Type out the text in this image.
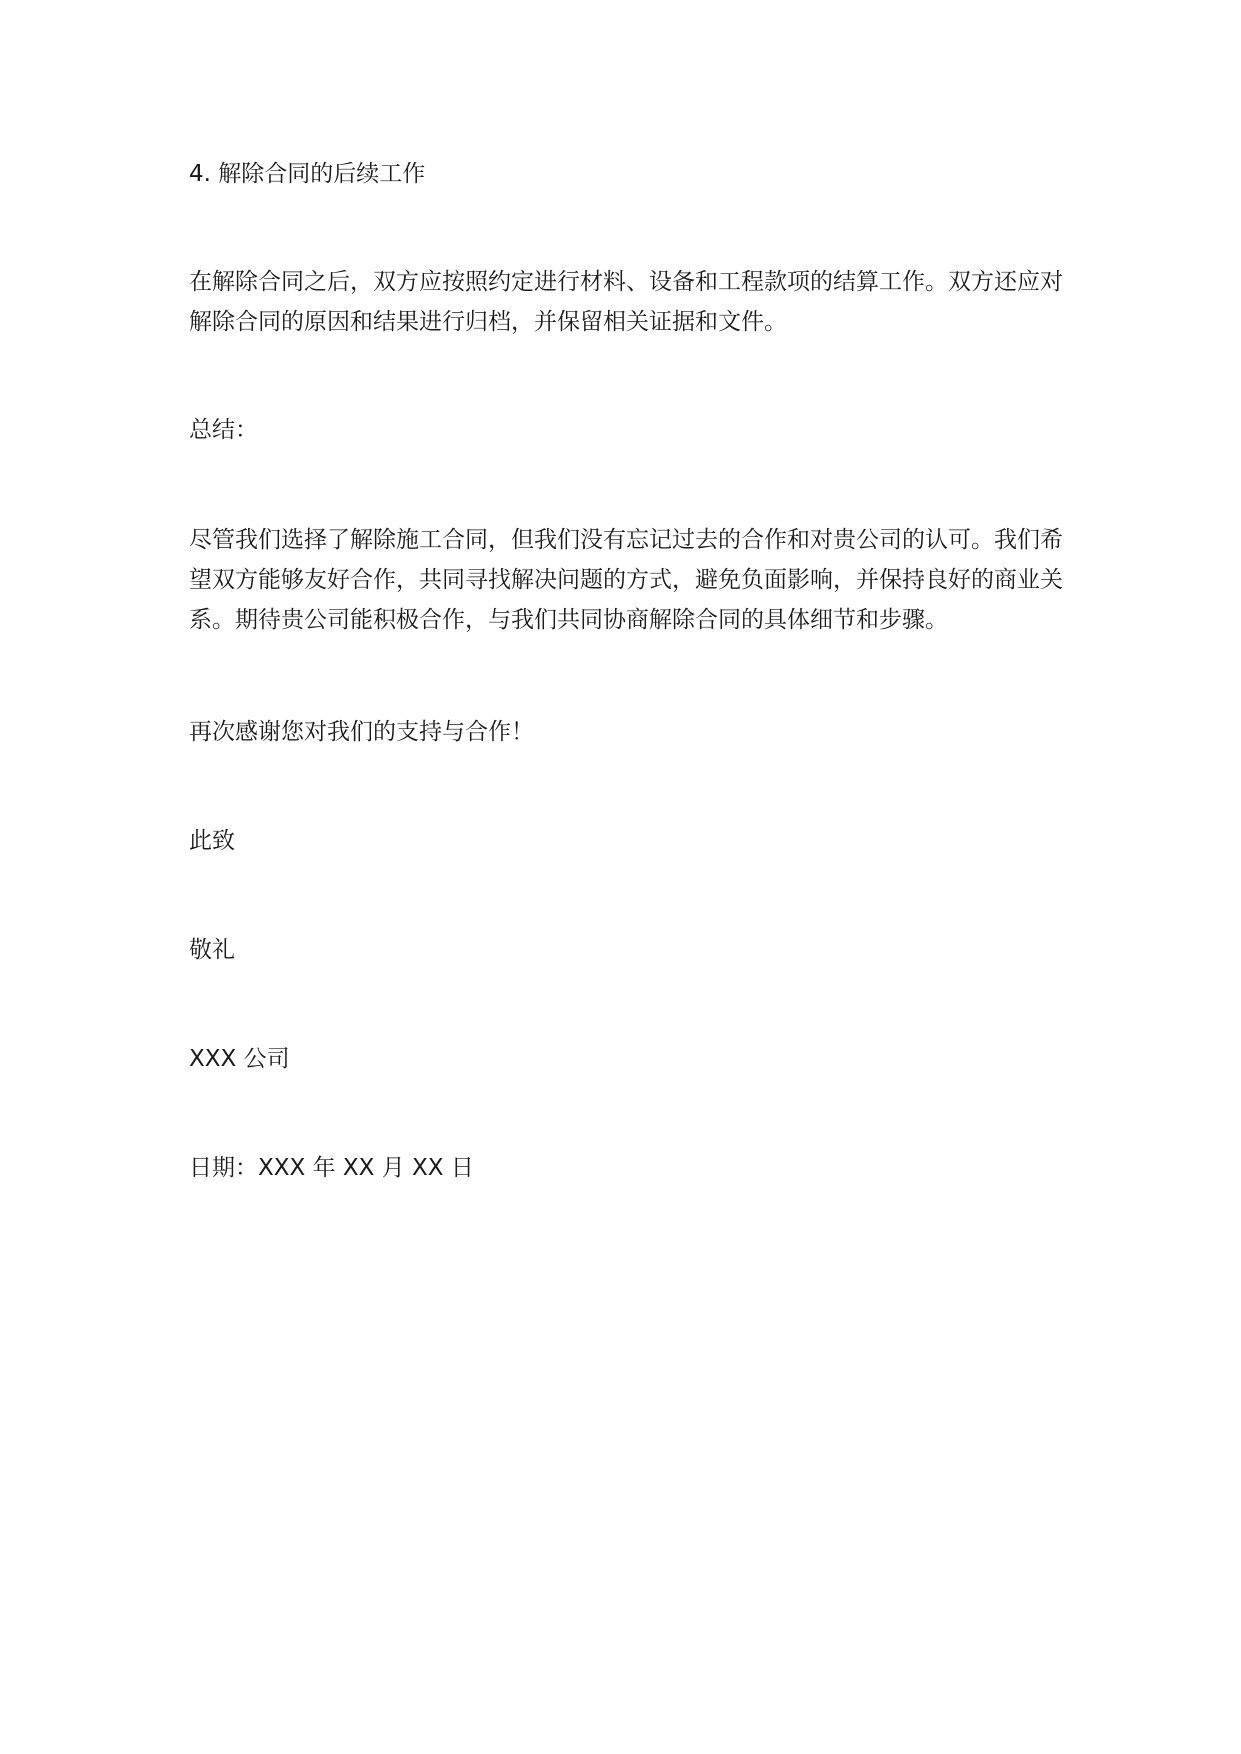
4. 解除合同的后续工作

在解除合同之后，双方应按照约定进行材料、设备和工程款项的结算工作。双方还应对解除合同的原因和结果进行归档，并保留相关证据和文件。

总结：

尽管我们选择了解除施工合同，但我们没有忘记过去的合作和对贵公司的认可。我们希望双方能够友好合作，共同寻找解决问题的方式，避免负面影响，并保持良好的商业关系。期待贵公司能积极合作，与我们共同协商解除合同的具体细节和步骤。

再次感谢您对我们的支持与合作！

此致

敬礼

XXX 公司

日期：XXX 年 XX 月 XX 日
